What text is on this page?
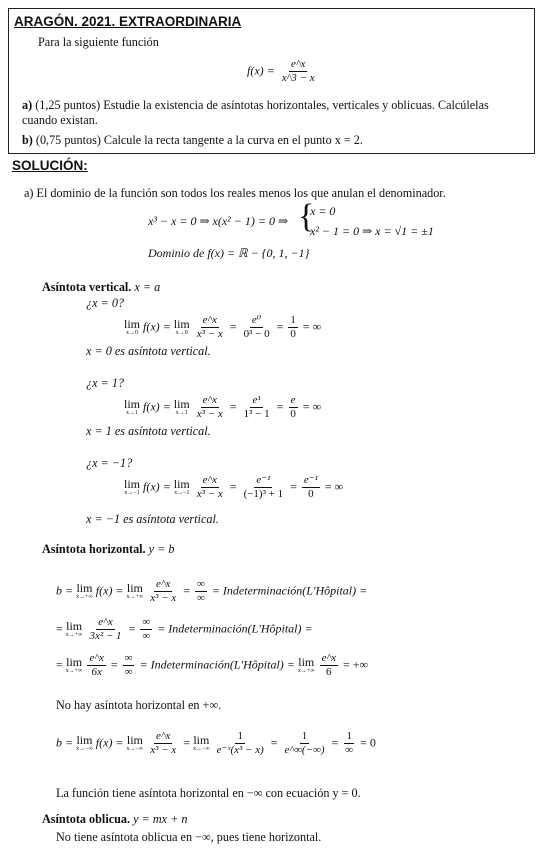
ARAGÓN. 2021. EXTRAORDINARIA
Para la siguiente función
$f(x) = \frac{e\^{}x}{x\^{}3 - x}$
a) (1,25 puntos) Estudie la existencia de asíntotas horizontales, verticales y oblicuas. Calcúlelas
cuando existan.
b) (0,75 puntos) Calcule la recta tangente a la curva en el punto x = 2.
SOLUCIÓN:
a) El dominio de la función son todos los reales menos los que anulan el denominador.
x³ − x = 0 ⇒ x(x² − 1) = 0 ⇒ {
x = 0
x² − 1 = 0 ⇒ x = √1 = ±1
Dominio de f(x) = ℝ − {0, 1, −1}
Asíntota vertical. x = a
¿x = 0?
lim
x→0 f(x) = lim
x→0
$\frac{e\^{}x}{\text{x³ − x}} = \frac{\text{e⁰}}{\text{0³ − 0}} = \frac{1}{0}$ = ∞
x = 0 es asíntota vertical.
¿x = 1?
lim
x→1 f(x) = lim
x→1
$\frac{e\^{}x}{\text{x³ − x}} = \frac{\text{e¹}}{\text{1³ − 1}} = \frac{e}{0}$ = ∞
x = 1 es asíntota vertical.
¿x = −1?
lim
x→−1 f(x) = lim
x→−1
$\frac{e\^{}x}{\text{x³ − x}} = \frac{\text{e⁻¹}}{\text{(−1)³ + 1}} = \frac{\text{e⁻¹}}{0}$ = ∞
x = −1 es asíntota vertical.
Asíntota horizontal. y = b
b = lim
x→+∞ f(x) = lim
x→+∞
$\frac{e\^{}x}{\text{x³ − x}} = \frac{\infty}{\infty}$ = Indeterminación(L'Hôpital) =
= lim
x→+∞
$\frac{e\^{}x}{\text{3x² − 1}} = \frac{\infty}{\infty}$ = Indeterminación(L'Hôpital) =
= lim
x→+∞
$\frac{e\^{}x}{6x} = \frac{\infty}{\infty}$ = Indeterminación(L'Hôpital) = lim
x→+∞
$\frac{e\^{}x}{6}$ = +∞
No hay asíntota horizontal en +∞.
b = lim
x→−∞ f(x) = lim
x→−∞
$\frac{e\^{}x}{\text{x³ − x}} = \lim$
x→−∞
$\frac{1}{\text{e⁻ˣ(x³ − x)}} = \frac{1}{e\^{}\infty(-\infty)} = \frac{1}{\infty} = 0$
La función tiene asíntota horizontal en −∞ con ecuación y = 0.
Asíntota oblicua. y = mx + n
No tiene asíntota oblicua en −∞, pues tiene horizontal.
